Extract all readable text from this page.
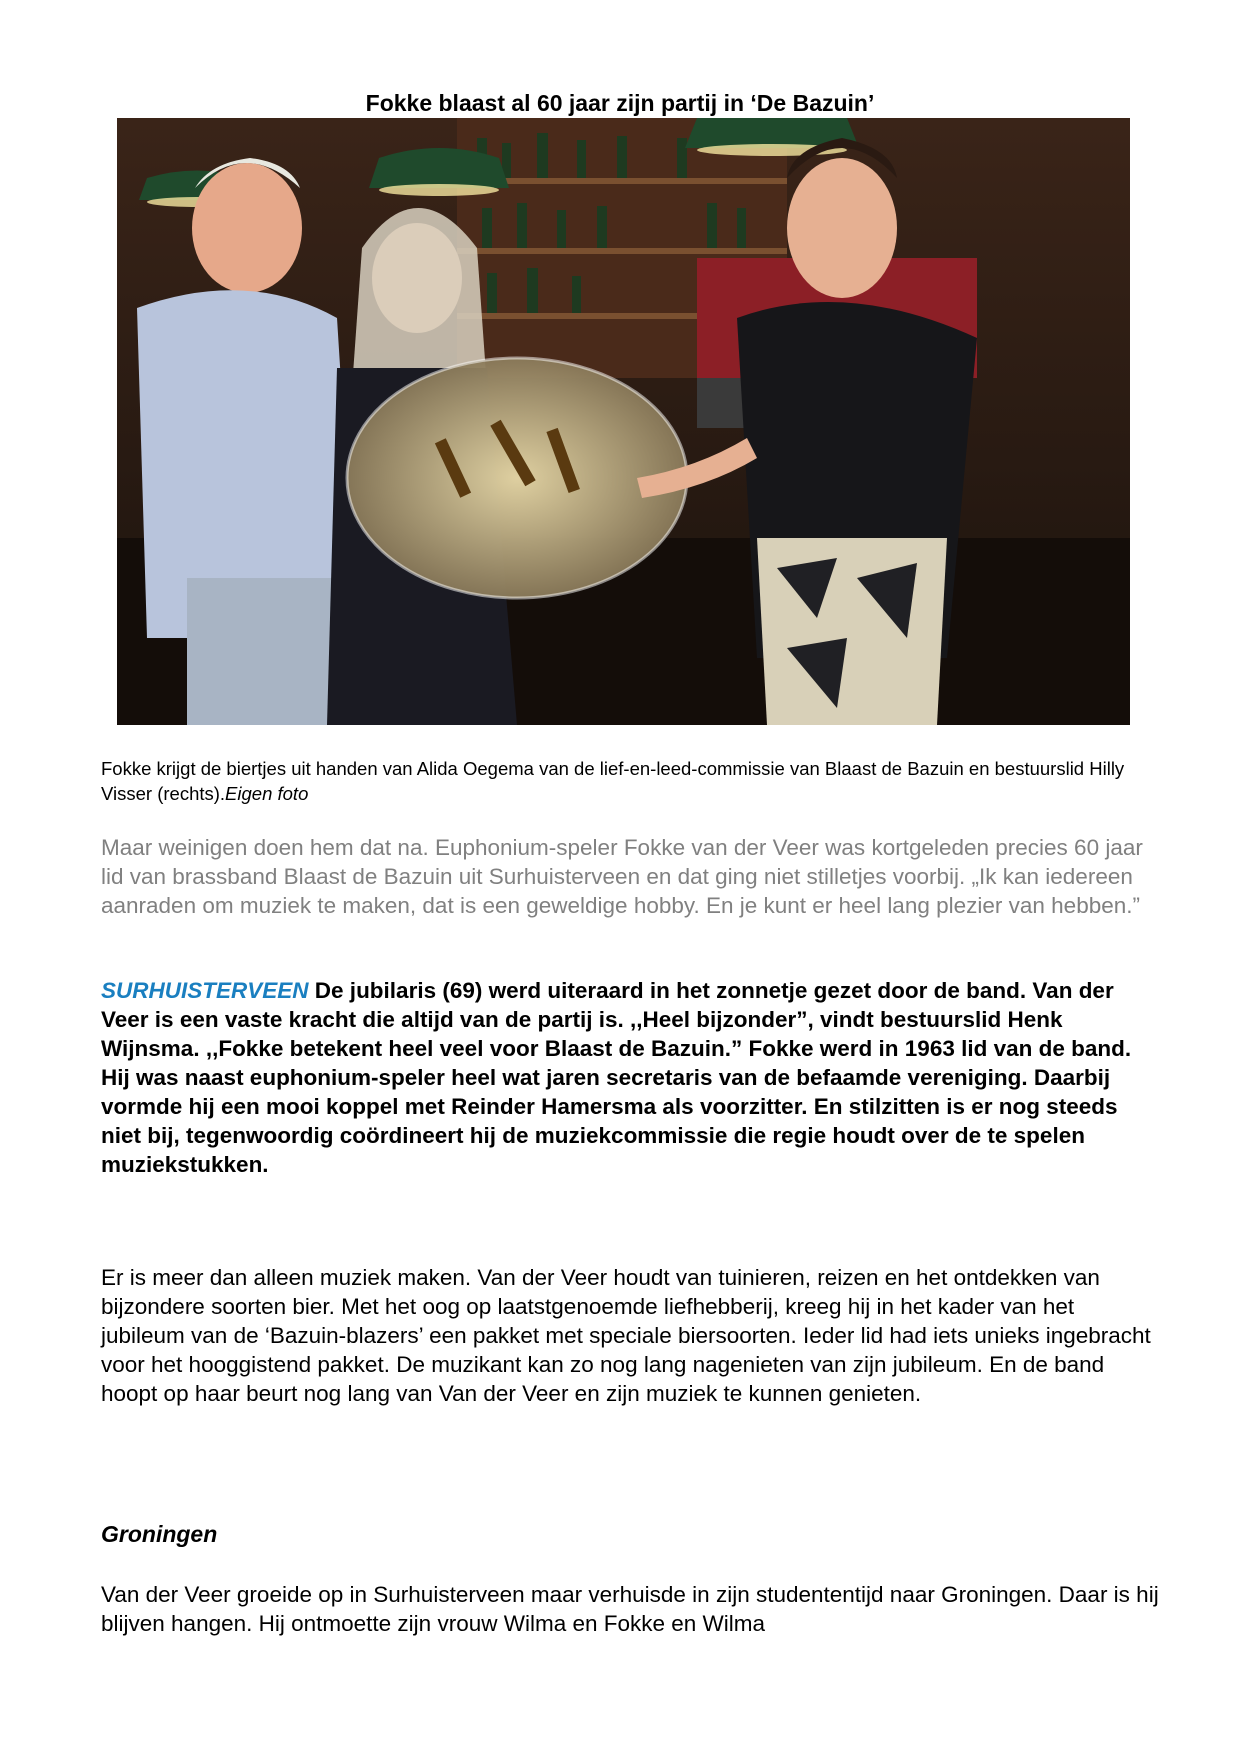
Fokke blaast al 60 jaar zijn partij in ‘De Bazuin’
Fokke krijgt de biertjes uit handen van Alida Oegema van de lief-en-leed-commissie van Blaast de Bazuin en bestuurslid Hilly Visser (rechts).Eigen foto
Maar weinigen doen hem dat na. Euphonium-speler Fokke van der Veer was kortgeleden precies 60 jaar lid van brassband Blaast de Bazuin uit Surhuisterveen en dat ging niet stilletjes voorbij. „Ik kan iedereen aanraden om muziek te maken, dat is een geweldige hobby. En je kunt er heel lang plezier van hebben.”
SURHUISTERVEEN De jubilaris (69) werd uiteraard in het zonnetje gezet door de band. Van der Veer is een vaste kracht die altijd van de partij is. ,,Heel bijzonder”, vindt bestuurslid Henk Wijnsma. ,,Fokke betekent heel veel voor Blaast de Bazuin.” Fokke werd in 1963 lid van de band. Hij was naast euphonium-speler heel wat jaren secretaris van de befaamde vereniging. Daarbij vormde hij een mooi koppel met Reinder Hamersma als voorzitter. En stilzitten is er nog steeds niet bij, tegenwoordig coördineert hij de muziekcommissie die regie houdt over de te spelen muziekstukken.
Er is meer dan alleen muziek maken. Van der Veer houdt van tuinieren, reizen en het ontdekken van bijzondere soorten bier. Met het oog op laatstgenoemde liefhebberij, kreeg hij in het kader van het jubileum van de ‘Bazuin-blazers’ een pakket met speciale biersoorten. Ieder lid had iets unieks ingebracht voor het hooggistend pakket. De muzikant kan zo nog lang nagenieten van zijn jubileum. En de band hoopt op haar beurt nog lang van Van der Veer en zijn muziek te kunnen genieten.
Groningen
Van der Veer groeide op in Surhuisterveen maar verhuisde in zijn studententijd naar Groningen. Daar is hij blijven hangen. Hij ontmoette zijn vrouw Wilma en Fokke en Wilma
